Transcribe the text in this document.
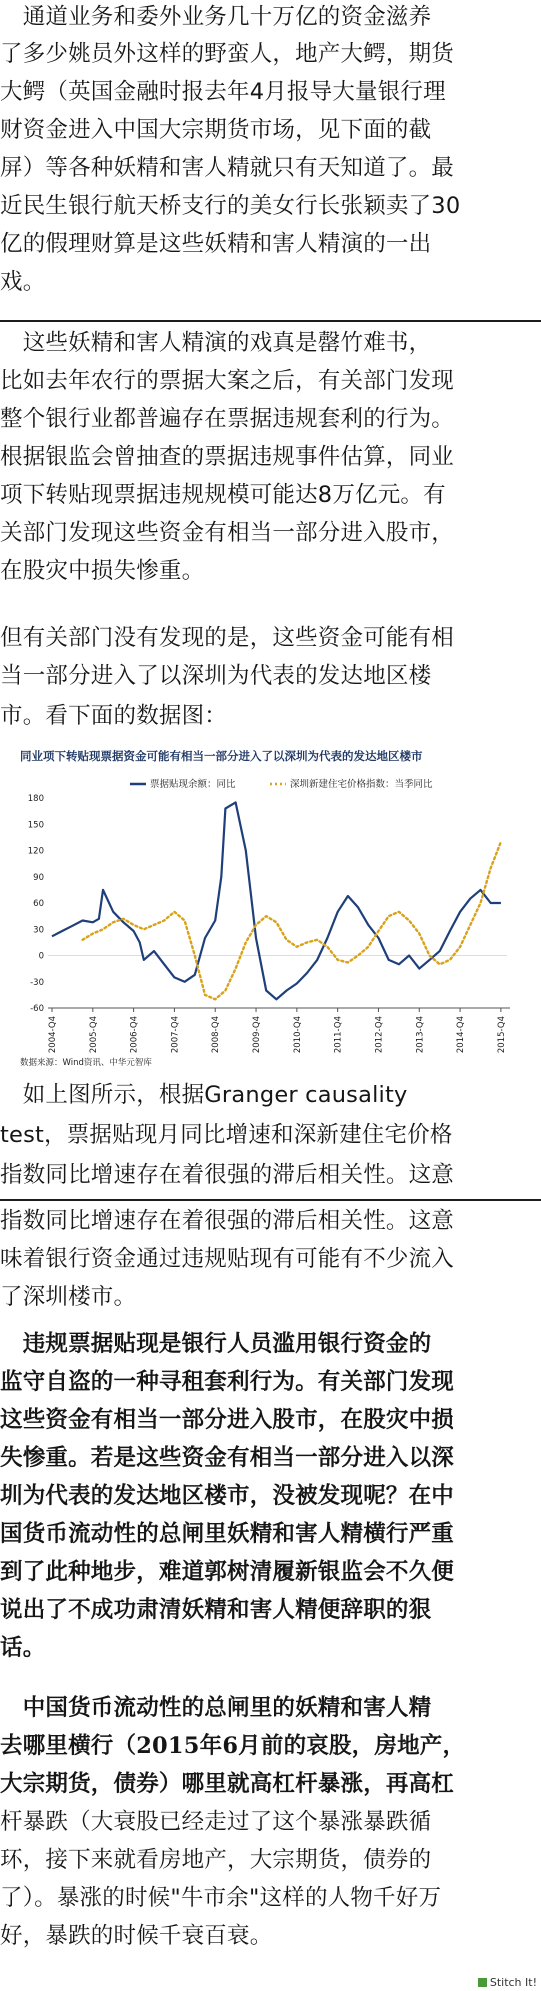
　通道业务和委外业务几十万亿的资金滋养
了多少姚员外这样的野蛮人，地产大鳄，期货
大鳄（英国金融时报去年4月报导大量银行理
财资金进入中国大宗期货市场，见下面的截
屏）等各种妖精和害人精就只有天知道了。最
近民生银行航天桥支行的美女行长张颖卖了30
亿的假理财算是这些妖精和害人精演的一出
戏。
　这些妖精和害人精演的戏真是罄竹难书，
比如去年农行的票据大案之后，有关部门发现
整个银行业都普遍存在票据违规套利的行为。
根据银监会曾抽查的票据违规事件估算，同业
项下转贴现票据违规规模可能达8万亿元。有
关部门发现这些资金有相当一部分进入股市，
在股灾中损失惨重。
但有关部门没有发现的是，这些资金可能有相
当一部分进入了以深圳为代表的发达地区楼
市。看下面的数据图：
同业项下转贴现票据资金可能有相当一部分进入了以深圳为代表的发达地区楼市
票据贴现余额：同比	深圳新建住宅价格指数：当季同比
180
150
120
90
60
30
0
-30
-60
2004-Q4	2005-Q4	2006-Q4	2007-Q4	2008-Q4	2009-Q4	2010-Q4	2011-Q4	2012-Q4	2013-Q4	2014-Q4	2015-Q4
数据来源：Wind资讯、中华元智库
　如上图所示，根据Granger causality
test，票据贴现月同比增速和深新建住宅价格
指数同比增速存在着很强的滞后相关性。这意
指数同比增速存在着很强的滞后相关性。这意
味着银行资金通过违规贴现有可能有不少流入
了深圳楼市。
　违规票据贴现是银行人员滥用银行资金的
监守自盗的一种寻租套利行为。有关部门发现
这些资金有相当一部分进入股市，在股灾中损
失惨重。若是这些资金有相当一部分进入以深
圳为代表的发达地区楼市，没被发现呢？在中
国货币流动性的总闸里妖精和害人精横行严重
到了此种地步，难道郭树清履新银监会不久便
说出了不成功肃清妖精和害人精便辞职的狠
话。
　中国货币流动性的总闸里的妖精和害人精
去哪里横行（2015年6月前的哀股，房地产，
大宗期货，债券）哪里就高杠杆暴涨，再高杠
杆暴跌（大衰股已经走过了这个暴涨暴跌循
环，接下来就看房地产，大宗期货，债券的
了）。暴涨的时候"牛市余"这样的人物千好万
好，暴跌的时候千衰百衰。
Stitch It!
